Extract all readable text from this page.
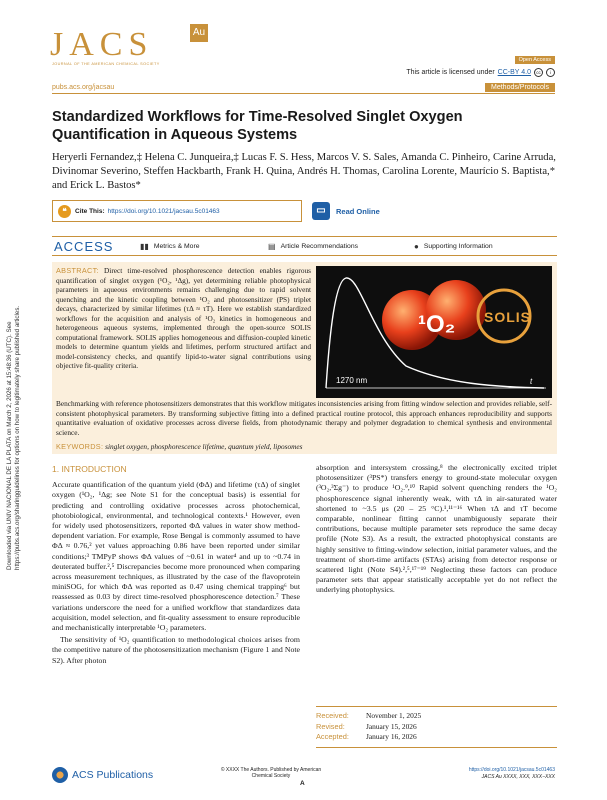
Downloaded via UNIV NACIONAL DE LA PLATA on March 2, 2026 at 15:48:36 (UTC). See https://pubs.acs.org/sharingguidelines for options on how to legitimately share published articles.
JACS
JOURNAL OF THE AMERICAN CHEMICAL SOCIETY
Au
Open Access
This article is licensed under CC-BY 4.0	cc	i
pubs.acs.org/jacsau	Methods/Protocols
Standardized Workflows for Time-Resolved Singlet Oxygen Quantification in Aqueous Systems
Heryerli Fernandez,‡ Helena C. Junqueira,‡ Lucas F. S. Hess, Marcos V. S. Sales, Amanda C. Pinheiro, Carine Arruda, Divinomar Severino, Steffen Hackbarth, Frank H. Quina, Andrés H. Thomas, Carolina Lorente, Maurício S. Baptista,* and Erick L. Bastos*
❝	Cite This: https://doi.org/10.1021/jacsau.5c01463	▭	Read Online
ACCESS	▮▮ Metrics & More	▤ Article Recommendations	● Supporting Information

ABSTRACT: Direct time-resolved phosphorescence detection enables rigorous quantification of singlet oxygen (¹O₂, ¹Δg), yet determining reliable photophysical parameters in aqueous environments remains challenging due to rapid solvent quenching and the kinetic coupling between ¹O₂ and photosensitizer (PS) triplet decays, characterized by similar lifetimes (τΔ ≈ τT). Here we establish standardized workflows for the acquisition and analysis of ¹O₂ kinetics in homogeneous and heterogeneous aqueous systems, implemented through the open-source SOLIS computational framework. SOLIS applies homogeneous and diffusion-coupled kinetic models to determine quantum yields and lifetimes, perform structured artifact and model-consistency checks, and quantify lipid-to-water signal contributions using objective fit-quality criteria.

Benchmarking with reference photosensitizers demonstrates that this workflow mitigates inconsistencies arising from fitting window selection and provides reliable, self-consistent photophysical parameters. By transforming subjective fitting into a defined practical routine protocol, this approach enhances reproducibility and supports quantitative evaluation of oxidative processes across diverse fields, from photodynamic therapy and polymer degradation to chemical synthesis and environmental science.

KEYWORDS: singlet oxygen, phosphorescence lifetime, quantum yield, liposomes

¹O₂ SOLIS
1270 nm	t
1. INTRODUCTION

Accurate quantification of the quantum yield (ΦΔ) and lifetime (τΔ) of singlet oxygen (¹O₂, ¹Δg; see Note S1 for the conceptual basis) is essential for predicting and controlling oxidative processes across photochemical, photobiological, environmental, and technological contexts.¹ However, even for widely used photosensitizers, reported ΦΔ values in water show method-dependent variation. For example, Rose Bengal is commonly assumed to have ΦΔ ≈ 0.76,² yet values approaching 0.86 have been reported under similar conditions;³ TMPyP shows ΦΔ values of ~0.61 in water⁴ and up to ~0.74 in deuterated buffer.²,⁵ Discrepancies become more pronounced when comparing across measurement techniques, as illustrated by the case of the flavoprotein miniSOG, for which ΦΔ was reported as 0.47 using chemical trapping⁶ but reassessed as 0.03 by direct time-resolved phosphorescence detection.⁷ These variations underscore the need for a unified workflow that standardizes data acquisition, model selection, and fit-quality assessment to ensure reproducible and mechanistically interpretable ¹O₂ parameters.

The sensitivity of ¹O₂ quantification to methodological choices arises from the competitive nature of the photosensitization mechanism (Figure 1 and Note S2). After photon

absorption and intersystem crossing,⁸ the electronically excited triplet photosensitizer (³PS*) transfers energy to ground-state molecular oxygen (³O₂,³Σg⁻) to produce ¹O₂.⁹,¹⁰ Rapid solvent quenching renders the ¹O₂ phosphorescence signal inherently weak, with τΔ in air-saturated water shortened to ~3.5 μs (20 – 25 °C).¹,¹¹⁻¹⁶ When τΔ and τT become comparable, nonlinear fitting cannot unambiguously separate their contributions, because multiple parameter sets reproduce the same decay profile (Note S3). As a result, the extracted photophysical constants are highly sensitive to fitting-window selection, initial parameter values, and the treatment of short-time artifacts (STAs) arising from detector response or scattered light (Note S4).²,⁵,¹⁷⁻¹⁹ Neglecting these factors can produce parameter sets that appear statistically acceptable yet do not reflect the underlying photophysics.

Received:	November 1, 2025
Revised:	January 15, 2026
Accepted:	January 16, 2026
ACS Publications	© XXXX The Authors. Published by American Chemical Society
A
https://doi.org/10.1021/jacsau.5c01463
JACS Au XXXX, XXX, XXX−XXX
